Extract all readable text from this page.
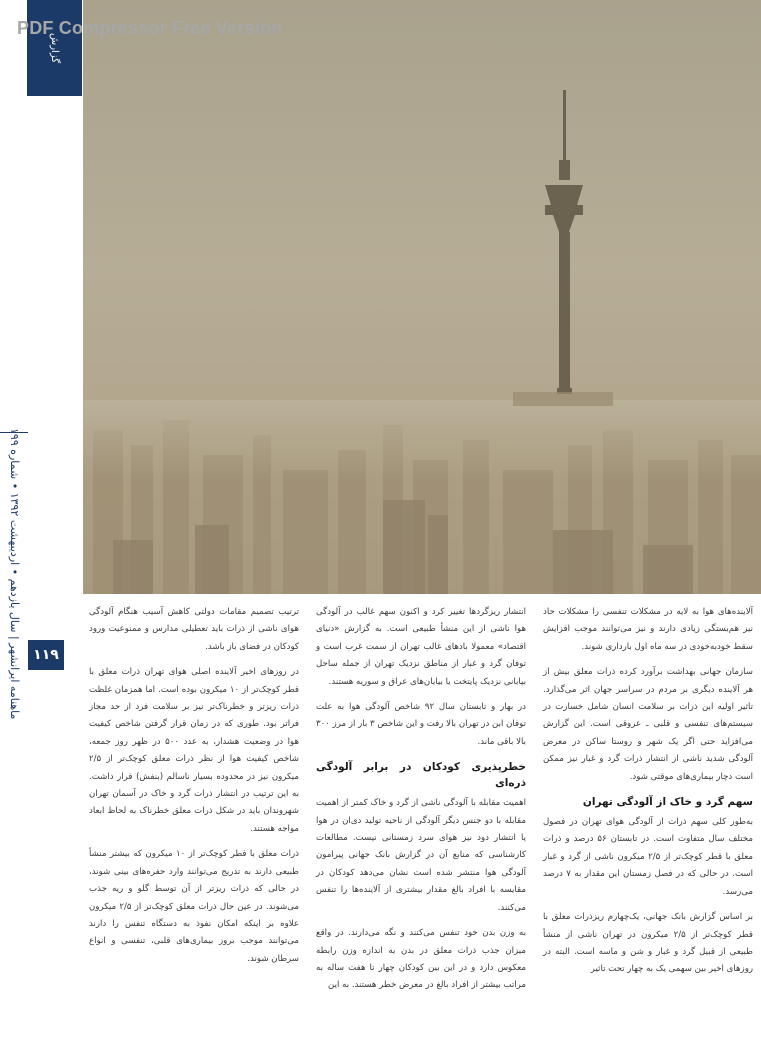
PDF Compressor Free Version
گزارش
ماهنامه ایرانشهر | سال یازدهم • اردیبهشت ۱۳۹۲ • شماره ۱۹۹ ۱۱۹

آلاینده‌های هوا به لایه در مشکلات تنفسی را مشکلات حاد نیز هم‌بستگی زیادی دارند و نیز می‌توانند موجب افزایش سقط خودبه‌خودی در سه ماه اول بارداری شوند.

سازمان جهانی بهداشت برآورد کرده ذرات معلق بیش از هر آلاینده دیگری بر مردم در سراسر جهان اثر می‌گذارد. تاثیر اولیه این ذرات بر سلامت انسان شامل خسارت در سیستم‌های تنفسی و قلبی ـ عروقی است. این گزارش می‌افزاید حتی اگر یک شهر و روستا ساکن در معرض آلودگی شدید ناشی از انتشار ذرات گرد و غبار نیز ممکن است دچار بیماری‌های موقتی شود.

سهم گرد و خاک از آلودگی تهران

به‌طور کلی سهم ذرات از آلودگی هوای تهران در فصول مختلف سال متفاوت است. در تابستان ۵۶ درصد و ذرات معلق با قطر کوچک‌تر از ۲/۵ میکرون ناشی از گرد و غبار است. در حالی که در فصل زمستان این مقدار به ۷ درصد می‌رسد.

بر اساس گزارش بانک جهانی، یک‌چهارم ریزذرات معلق با قطر کوچک‌تر از ۲/۵ میکرون در تهران ناشی از منشأ طبیعی از قبیل گرد و غبار و شن و ماسه است. البته در روزهای اخیر بین سهمی یک به چهار تحت تاثیر

انتشار ریزگردها تغییر کرد و اکنون سهم غالب در آلودگی هوا ناشی از این منشأ طبیعی است. به گزارش «دنیای اقتصاد» معمولا بادهای غالب تهران از سمت غرب است و توفان گرد و غبار از مناطق نزدیک تهران از جمله ساحل بیابانی نزدیک پایتخت یا بیابان‌های عراق و سوریه هستند.

در بهار و تابستان سال ۹۲ شاخص آلودگی هوا به علت توفان ابن در تهران بالا رفت و این شاخص ۳ بار از مرز ۳۰۰ بالا باقی ماند.

خطرپذیری کودکان در برابر آلودگی ذره‌ای

اهمیت مقابله با آلودگی ناشی از گرد و خاک کمتر از اهمیت مقابله با دو جنس دیگر آلودگی از ناحیه تولید دی‌ان در هوا یا انتشار دود نیز هوای سرد زمستانی نیست. مطالعات کارشناسی که منابع آن در گزارش بانک جهانی پیرامون آلودگی هوا منتشر شده است نشان می‌دهد کودکان در مقایسه با افراد بالغ مقدار بیشتری از آلاینده‌ها را تنفس می‌کنند.

به وزن بدن خود تنفس می‌کنند و نگه می‌دارند. در واقع میزان جذب ذرات معلق در بدن به اندازه وزن رابطه معکوس دارد و در این بین کودکان چهار تا هفت ساله به مراتب بیشتر از افراد بالغ در معرض خطر هستند. به این

ترتیب تصمیم مقامات دولتی کاهش آسیب هنگام آلودگی هوای ناشی از ذرات باید تعطیلی مدارس و ممنوعیت ورود کودکان در فضای باز باشد.

در روزهای اخیر آلاینده اصلی هوای تهران ذرات معلق با قطر کوچک‌تر از ۱۰ میکرون بوده است. اما همزمان غلظت ذرات ریزتر و خطرناک‌تر نیز بر سلامت فرد از حد مجاز فراتر بود. طوری که در زمان قرار گرفتن شاخص کیفیت هوا در وضعیت هشدار، به عدد ۵۰۰ در ظهر روز جمعه، شاخص کیفیت هوا از نظر ذرات معلق کوچک‌تر از ۲/۵ میکرون نیز در محدوده بسیار ناسالم (بنفش) قرار داشت. به این ترتیب در انتشار ذرات گرد و خاک در آسمان تهران شهروندان باید در شکل ذرات معلق خطرناک به لحاظ ابعاد مواجه هستند.

ذرات معلق با قطر کوچک‌تر از ۱۰ میکرون که بیشتر منشأ طبیعی دارند به تدریج می‌توانند وارد حفره‌های بینی شوند، در حالی که ذرات ریزتر از آن توسط گلو و ریه جذب می‌شوند. در عین حال ذرات معلق کوچک‌تر از ۲/۵ میکرون علاوه بر اینکه امکان نفوذ به دستگاه تنفس را دارند می‌توانند موجب بروز بیماری‌های قلبی، تنفسی و انواع سرطان شوند.
